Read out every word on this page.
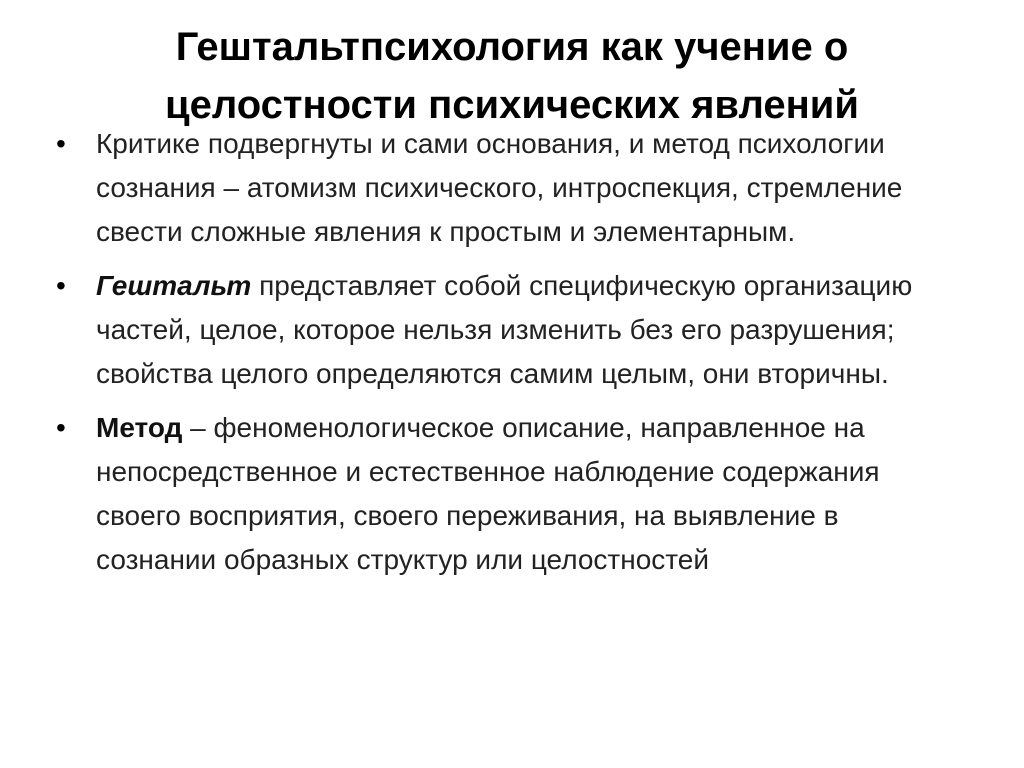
Гештальтпсихология как учение о
целостности психических явлений
•	Критике подвергнуты и сами основания, и метод психологии сознания – атомизм психического, интроспекция, стремление свести сложные явления к простым и элементарным.
•	Гештальт представляет собой специфическую организацию частей, целое, которое нельзя изменить без его разрушения; свойства целого определяются самим целым, они вторичны.
•	Метод – феноменологическое описание, направленное на непосредственное и естественное наблюдение содержания своего восприятия, своего переживания, на выявление в сознании образных структур или целостностей
